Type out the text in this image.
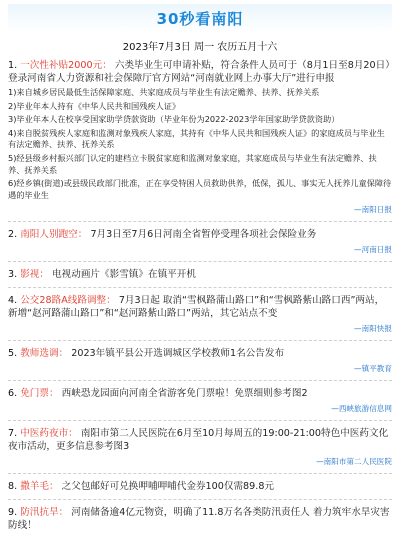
30秒看南阳
2023年7月3日 周一 农历五月十六
1. 一次性补贴2000元： 六类毕业生可申请补贴，符合条件人员可于（8月1日至8月20日）登录河南省人力资源和社会保障厅官方网站“河南就业网上办事大厅”进行申报
1)来自城乡居民最低生活保障家庭、共家庭成员与毕业生有法定赡养、扶养、抚养关系
2)毕业年本人持有《中华人民共和国残疾人证》
3)毕业年本人在校享受国家助学贷款资助（毕业年份为2022-2023学年国家助学贷款资助）
4)来自脱贫残疾人家庭和监测对象残疾人家庭，其持有《中华人民共和国残疾人证》的家庭成员与毕业生有法定赡养、扶养、抚养关系
5)经县级乡村振兴部门认定的建档立卡脱贫家庭和监测对象家庭，其家庭成员与毕业生有法定赡养、扶养、抚养关系
6)经乡镇(街道)或县级民政部门批准，正在享受特困人员救助供养，低保，孤儿、事实无人抚养儿童保障待遇的毕业生
—南阳日报
2. 南阳人别跑空： 7月3日至7月6日河南全省暂停受理各项社会保险业务
—河南日报
3. 影视： 电视动画片《影雪镇》在镇平开机
4. 公交28路A线路调整： 7月3日起 取消“雪枫路蒲山路口”和“雪枫路紫山路口西”两站，新增“赵河路蒲山路口”和“赵河路紫山路口”两站，其它站点不变
—南阳快报
5. 教师选调： 2023年镇平县公开选调城区学校教师1名公告发布
—镇平教育
6. 免门票： 西峡恐龙园面向河南全省游客免门票啦！免票细则参考图2
—西峡旅游信息网
7. 中医药夜市： 南阳市第二人民医院在6月至10月每周五的19:00-21:00特色中医药文化夜市活动，更多信息参考图3
—南阳市第二人民医院
8. 撒羊毛： 之父包邮好可兑换呷哺呷哺代金券100仅需89.8元
9. 防汛抗旱： 河南储备逾4亿元物资，明确了11.8万名各类防汛责任人 着力筑牢水旱灾害防线！
